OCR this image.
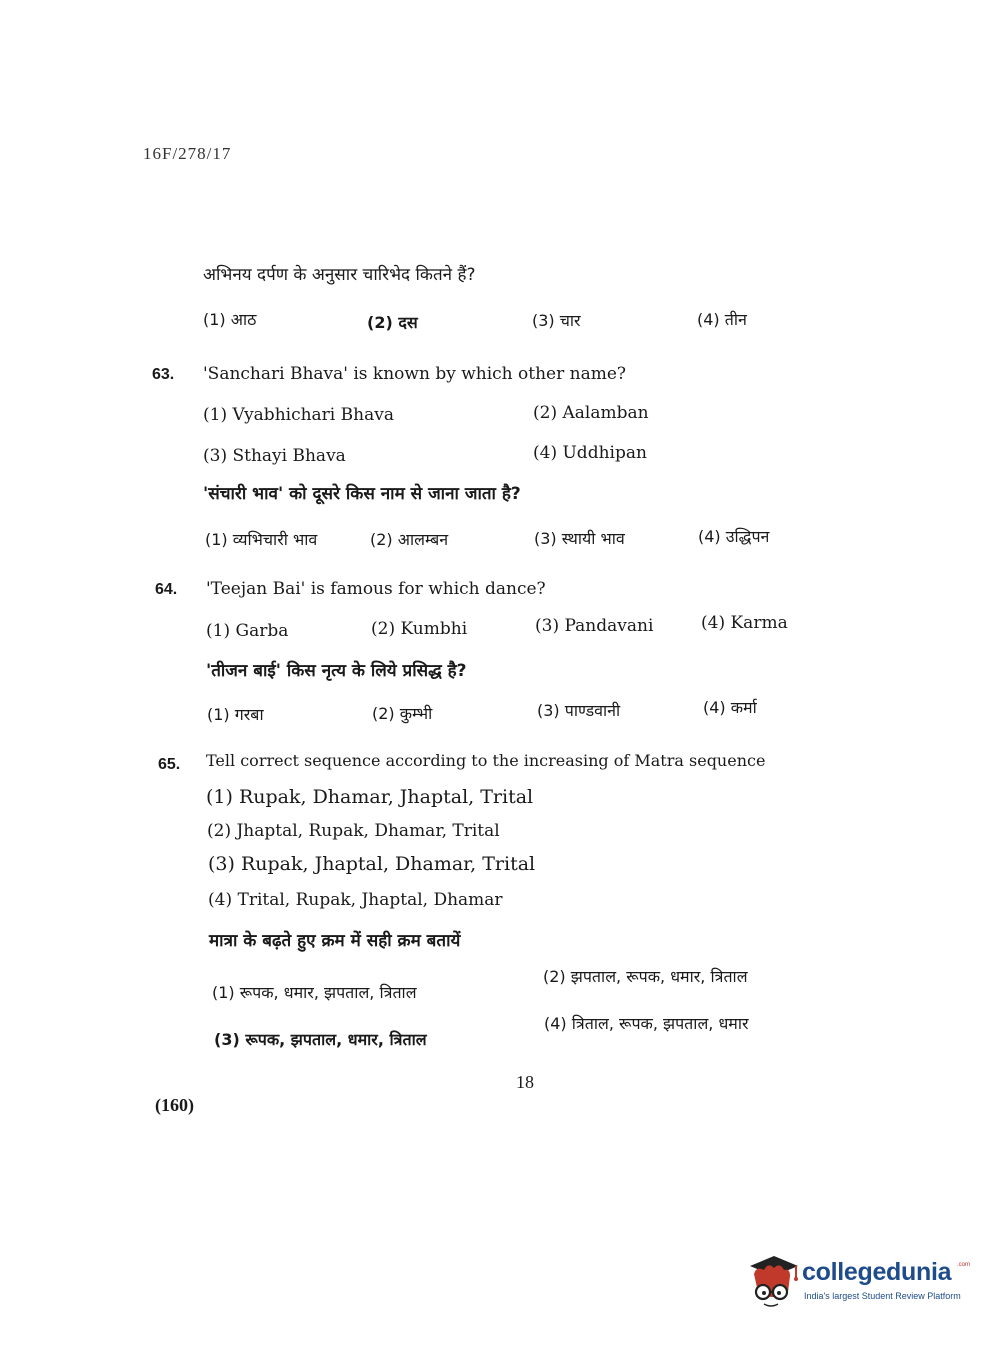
16F/278/17
अभिनय दर्पण के अनुसार चारिभेद कितने हैं?
(1) आठ	(2) दस	(3) चार	(4) तीन
63. 'Sanchari Bhava' is known by which other name?
(1) Vyabhichari Bhava	(2) Aalamban
(3) Sthayi Bhava	(4) Uddhipan
'संचारी भाव' को दूसरे किस नाम से जाना जाता है?
(1) व्यभिचारी भाव	(2) आलम्बन	(3) स्थायी भाव	(4) उद्धिपन
64. 'Teejan Bai' is famous for which dance?
(1) Garba	(2) Kumbhi	(3) Pandavani	(4) Karma
'तीजन बाई' किस नृत्य के लिये प्रसिद्ध है?
(1) गरबा	(2) कुम्भी	(3) पाण्डवानी	(4) कर्मा
65. Tell correct sequence according to the increasing of Matra sequence
(1) Rupak, Dhamar, Jhaptal, Trital
(2) Jhaptal, Rupak, Dhamar, Trital
(3) Rupak, Jhaptal, Dhamar, Trital
(4) Trital, Rupak, Jhaptal, Dhamar
मात्रा के बढ़ते हुए क्रम में सही क्रम बतायें
(1) रूपक, धमार, झपताल, त्रिताल
(2) झपताल, रूपक, धमार, त्रिताल
(3) रूपक, झपताल, धमार, त्रिताल
(4) त्रिताल, रूपक, झपताल, धमार
18
(160)
collegedunia .com
India's largest Student Review Platform
